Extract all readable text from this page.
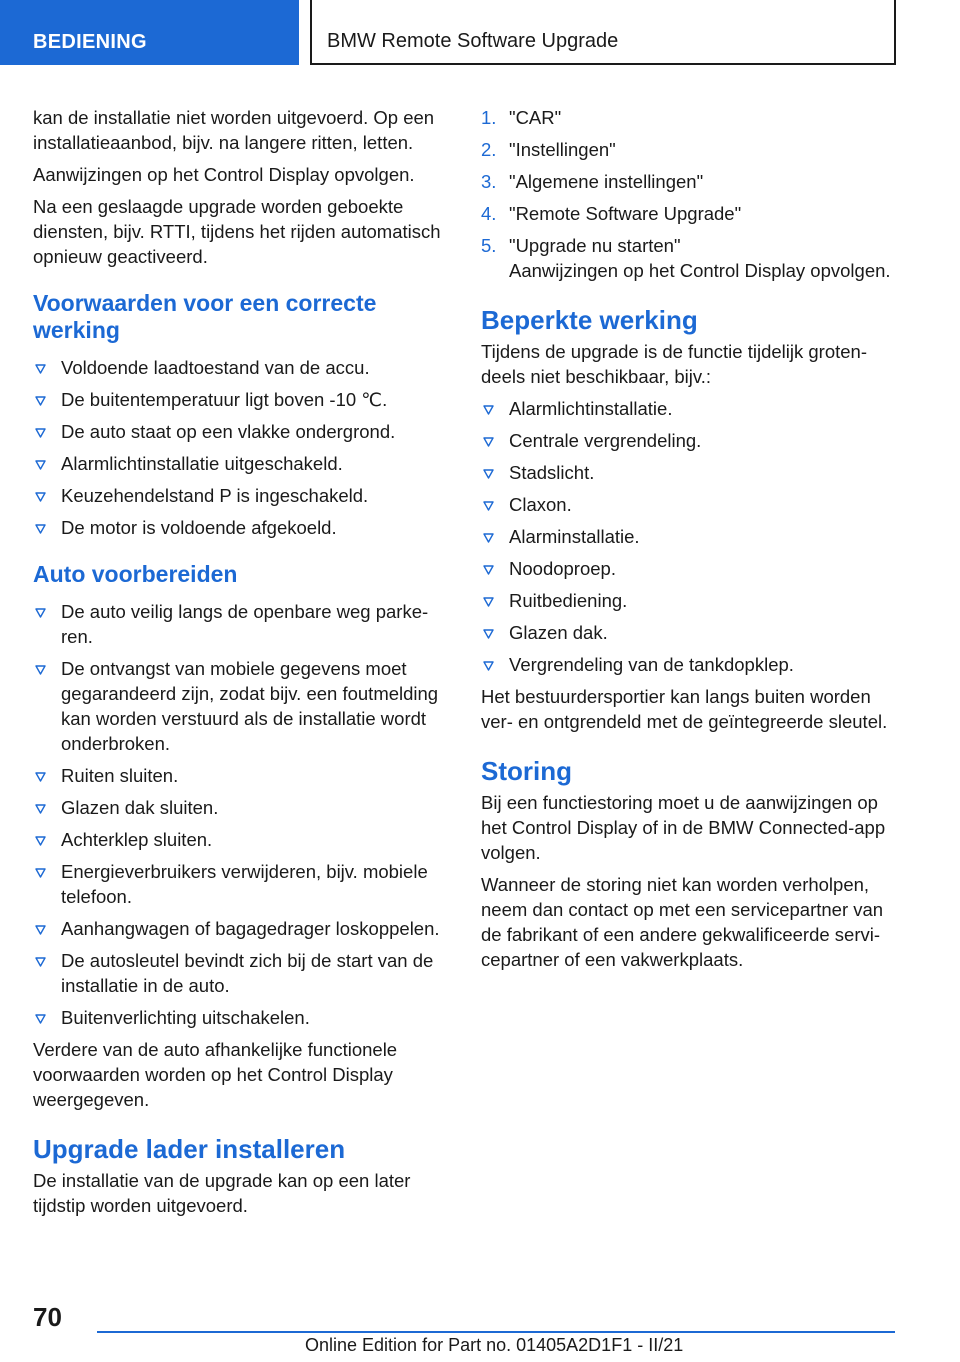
BEDIENING	BMW Remote Software Upgrade

kan de installatie niet worden uitgevoerd. Op een installatieaanbod, bijv. na langere ritten, letten.

Aanwijzingen op het Control Display opvolgen.

Na een geslaagde upgrade worden geboekte diensten, bijv. RTTI, tijdens het rijden automatisch opnieuw geactiveerd.

Voorwaarden voor een correcte werking
Voldoende laadtoestand van de accu.
De buitentemperatuur ligt boven -10 ℃.
De auto staat op een vlakke ondergrond.
Alarmlichtinstallatie uitgeschakeld.
Keuzehendelstand P is ingeschakeld.
De motor is voldoende afgekoeld.
Auto voorbereiden
De auto veilig langs de openbare weg parkeren.
De ontvangst van mobiele gegevens moet gegarandeerd zijn, zodat bijv. een foutmelding kan worden verstuurd als de installatie wordt onderbroken.
Ruiten sluiten.
Glazen dak sluiten.
Achterklep sluiten.
Energieverbruikers verwijderen, bijv. mobiele telefoon.
Aanhangwagen of bagagedrager loskoppelen.
De autosleutel bevindt zich bij de start van de installatie in de auto.
Buitenverlichting uitschakelen.

Verdere van de auto afhankelijke functionele voorwaarden worden op het Control Display weergegeven.

Upgrade lader installeren

De installatie van de upgrade kan op een later tijdstip worden uitgevoerd.

1. "CAR"
2. "Instellingen"
3. "Algemene instellingen"
4. "Remote Software Upgrade"
5. "Upgrade nu starten"

Aanwijzingen op het Control Display opvolgen.

Beperkte werking

Tijdens de upgrade is de functie tijdelijk grotendeels niet beschikbaar, bijv.:

Alarmlichtinstallatie.
Centrale vergrendeling.
Stadslicht.
Claxon.
Alarminstallatie.
Noodoproep.
Ruitbediening.
Glazen dak.
Vergrendeling van de tankdopklep.

Het bestuurdersportier kan langs buiten worden ver- en ontgrendeld met de geïntegreerde sleutel.

Storing

Bij een functiestoring moet u de aanwijzingen op het Control Display of in de BMW Connected-app volgen.

Wanneer de storing niet kan worden verholpen, neem dan contact op met een servicepartner van de fabrikant of een andere gekwalificeerde servicepartner of een vakwerkplaats.

70
Online Edition for Part no. 01405A2D1F1 - II/21
